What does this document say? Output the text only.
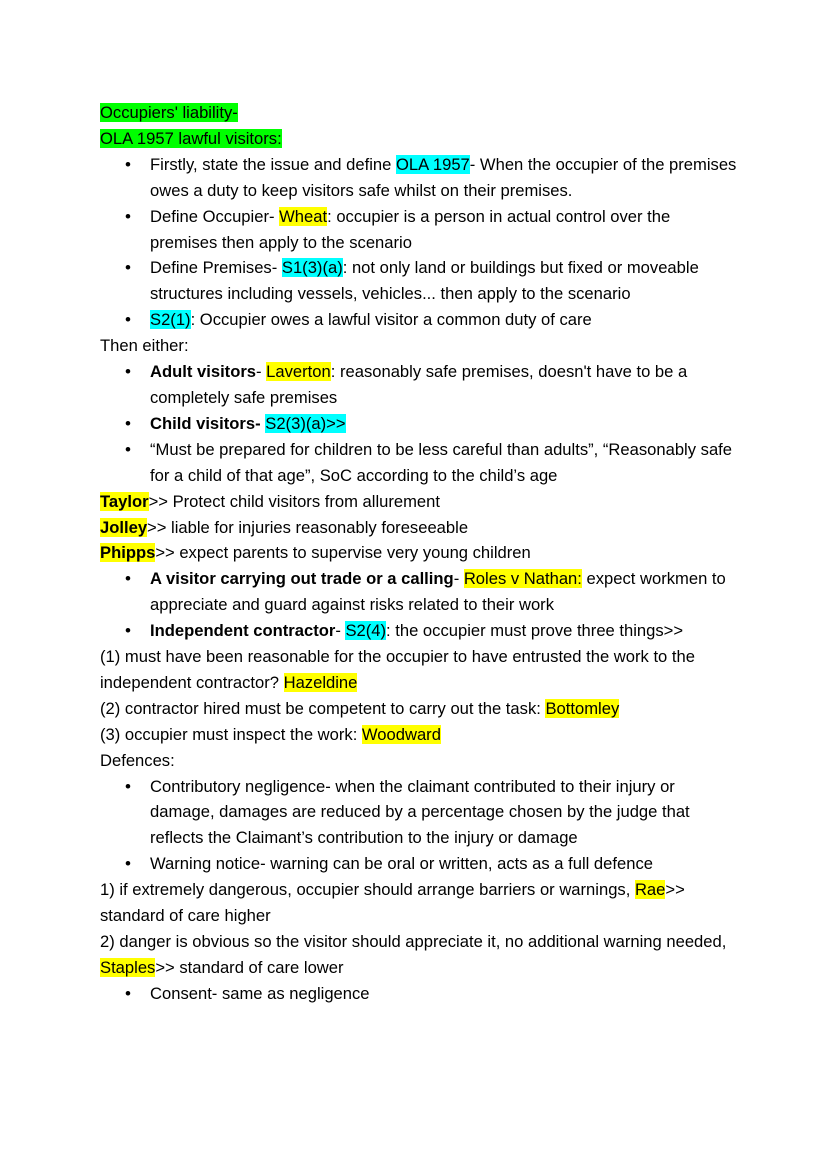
Occupiers' liability-

OLA 1957 lawful visitors:

• Firstly, state the issue and define OLA 1957- When the occupier of the premises owes a duty to keep visitors safe whilst on their premises.
• Define Occupier- Wheat: occupier is a person in actual control over the premises then apply to the scenario
• Define Premises- S1(3)(a): not only land or buildings but fixed or moveable structures including vessels, vehicles... then apply to the scenario
• S2(1): Occupier owes a lawful visitor a common duty of care

Then either:

• Adult visitors- Laverton: reasonably safe premises, doesn't have to be a completely safe premises
• Child visitors- S2(3)(a)>>
• “Must be prepared for children to be less careful than adults”, “Reasonably safe for a child of that age”, SoC according to the child’s age

Taylor>> Protect child visitors from allurement

Jolley>> liable for injuries reasonably foreseeable

Phipps>> expect parents to supervise very young children

• A visitor carrying out trade or a calling- Roles v Nathan: expect workmen to appreciate and guard against risks related to their work
• Independent contractor- S2(4): the occupier must prove three things>>

(1) must have been reasonable for the occupier to have entrusted the work to the independent contractor? Hazeldine

(2) contractor hired must be competent to carry out the task: Bottomley

(3) occupier must inspect the work: Woodward

Defences:

• Contributory negligence- when the claimant contributed to their injury or damage, damages are reduced by a percentage chosen by the judge that reflects the Claimant’s contribution to the injury or damage
• Warning notice- warning can be oral or written, acts as a full defence

1) if extremely dangerous, occupier should arrange barriers or warnings, Rae>> standard of care higher

2) danger is obvious so the visitor should appreciate it, no additional warning needed, Staples>> standard of care lower

• Consent- same as negligence
